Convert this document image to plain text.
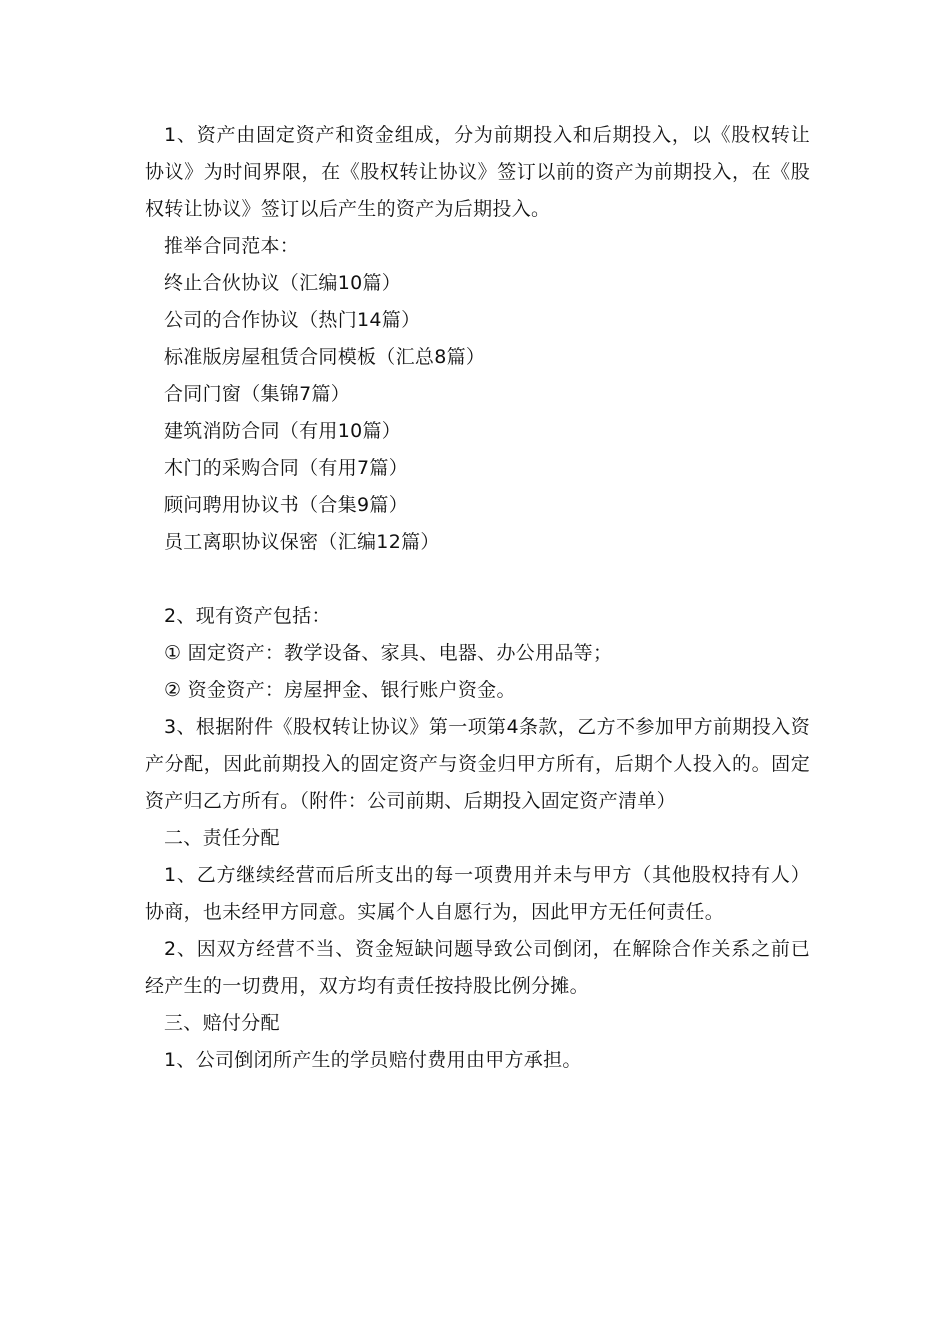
1、资产由固定资产和资金组成，分为前期投入和后期投入，以《股权转让协议》为时间界限，在《股权转让协议》签订以前的资产为前期投入，在《股权转让协议》签订以后产生的资产为后期投入。

推举合同范本：

终止合伙协议（汇编10篇）

公司的合作协议（热门14篇）

标准版房屋租赁合同模板（汇总8篇）

合同门窗（集锦7篇）

建筑消防合同（有用10篇）

木门的采购合同（有用7篇）

顾问聘用协议书（合集9篇）

员工离职协议保密（汇编12篇）

2、现有资产包括：

① 固定资产：教学设备、家具、电器、办公用品等；

② 资金资产：房屋押金、银行账户资金。

3、根据附件《股权转让协议》第一项第4条款，乙方不参加甲方前期投入资产分配，因此前期投入的固定资产与资金归甲方所有，后期个人投入的。固定资产归乙方所有。（附件：公司前期、后期投入固定资产清单）

二、责任分配

1、乙方继续经营而后所支出的每一项费用并未与甲方（其他股权持有人）协商，也未经甲方同意。实属个人自愿行为，因此甲方无任何责任。

2、因双方经营不当、资金短缺问题导致公司倒闭，在解除合作关系之前已经产生的一切费用，双方均有责任按持股比例分摊。

三、赔付分配

1、公司倒闭所产生的学员赔付费用由甲方承担。
